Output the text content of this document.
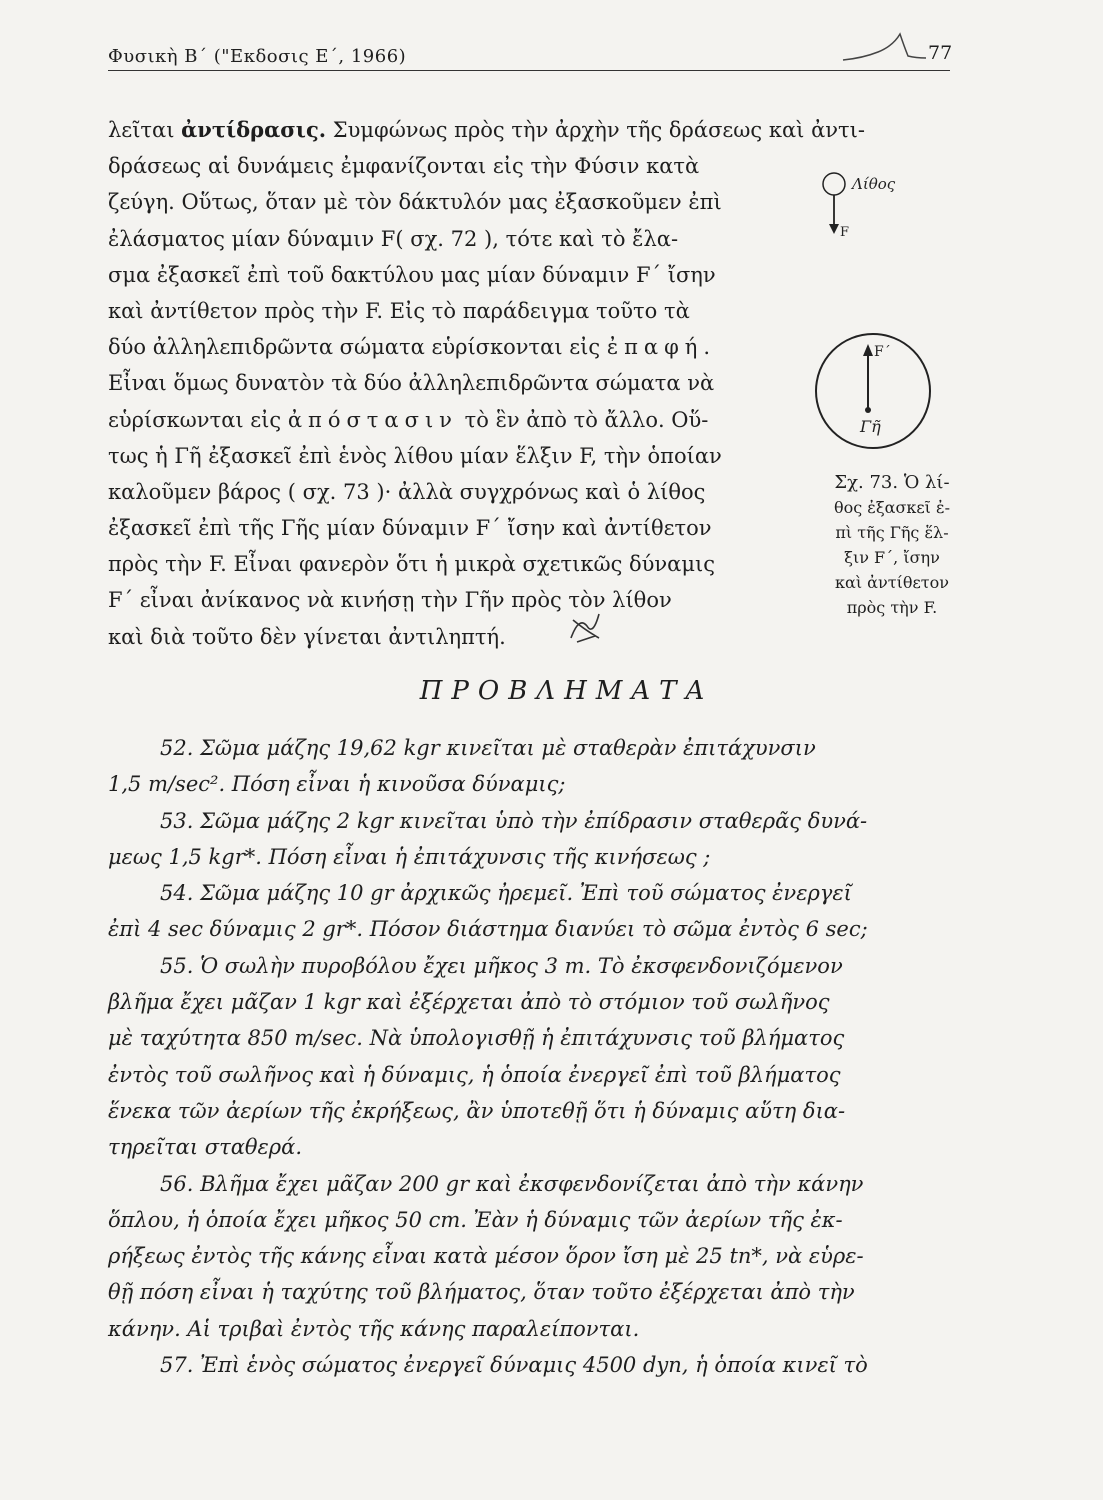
Φυσικὴ Β΄ ("Εκδοσις Ε΄, 1966)	77
λεῖται ἀντίδρασις. Συμφώνως πρὸς τὴν ἀρχὴν τῆς δράσεως καὶ ἀντι-
δράσεως αἱ δυνάμεις ἐμφανίζονται εἰς τὴν Φύσιν κατὰ
ζεύγη. Οὕτως, ὅταν μὲ τὸν δάκτυλόν μας ἐξασκοῦμεν ἐπὶ
ἐλάσματος μίαν δύναμιν F( σχ. 72 ), τότε καὶ τὸ ἔλα-
σμα ἐξασκεῖ ἐπὶ τοῦ δακτύλου μας μίαν δύναμιν F΄ ἴσην
καὶ ἀντίθετον πρὸς τὴν F. Εἰς τὸ παράδειγμα τοῦτο τὰ
δύο ἀλληλεπιδρῶντα σώματα εὑρίσκονται εἰς ἐπαφή.
Εἶναι ὅμως δυνατὸν τὰ δύο ἀλληλεπιδρῶντα σώματα νὰ
εὑρίσκωνται εἰς ἀπόστασιν τὸ ἓν ἀπὸ τὸ ἄλλο. Οὕ-
τως ἡ Γῆ ἐξασκεῖ ἐπὶ ἑνὸς λίθου μίαν ἕλξιν F, τὴν ὁποίαν
καλοῦμεν βάρος ( σχ. 73 )· ἀλλὰ συγχρόνως καὶ ὁ λίθος
ἐξασκεῖ ἐπὶ τῆς Γῆς μίαν δύναμιν F΄ ἴσην καὶ ἀντίθετον
πρὸς τὴν F. Εἶναι φανερὸν ὅτι ἡ μικρὰ σχετικῶς δύναμις
F΄ εἶναι ἀνίκανος νὰ κινήσῃ τὴν Γῆν πρὸς τὸν λίθον
καὶ διὰ τοῦτο δὲν γίνεται ἀντιληπτή.
Λίθος
F
F΄
Γῆ
Σχ. 73. Ὁ λί-
θος ἐξασκεῖ ἐ-
πὶ τῆς Γῆς ἕλ-
ξιν F΄, ἴσην
καὶ ἀντίθετον
πρὸς τὴν F.
ΠΡΟΒΛΗΜΑΤΑ
52. Σῶμα μάζης 19,62 kgr κινεῖται μὲ σταθερὰν ἐπιτάχυνσιν
1,5 m/sec². Πόση εἶναι ἡ κινοῦσα δύναμις;
53. Σῶμα μάζης 2 kgr κινεῖται ὑπὸ τὴν ἐπίδρασιν σταθερᾶς δυνά-
μεως 1,5 kgr*. Πόση εἶναι ἡ ἐπιτάχυνσις τῆς κινήσεως ;
54. Σῶμα μάζης 10 gr ἀρχικῶς ἠρεμεῖ. Ἐπὶ τοῦ σώματος ἐνεργεῖ
ἐπὶ 4 sec δύναμις 2 gr*. Πόσον διάστημα διανύει τὸ σῶμα ἐντὸς 6 sec;
55. Ὁ σωλὴν πυροβόλου ἔχει μῆκος 3 m. Τὸ ἐκσφενδονιζόμενον
βλῆμα ἔχει μᾶζαν 1 kgr καὶ ἐξέρχεται ἀπὸ τὸ στόμιον τοῦ σωλῆνος
μὲ ταχύτητα 850 m/sec. Νὰ ὑπολογισθῇ ἡ ἐπιτάχυνσις τοῦ βλήματος
ἐντὸς τοῦ σωλῆνος καὶ ἡ δύναμις, ἡ ὁποία ἐνεργεῖ ἐπὶ τοῦ βλήματος
ἕνεκα τῶν ἀερίων τῆς ἐκρήξεως, ἂν ὑποτεθῇ ὅτι ἡ δύναμις αὕτη δια-
τηρεῖται σταθερά.
56. Βλῆμα ἔχει μᾶζαν 200 gr καὶ ἐκσφενδονίζεται ἀπὸ τὴν κάνην
ὅπλου, ἡ ὁποία ἔχει μῆκος 50 cm. Ἐὰν ἡ δύναμις τῶν ἀερίων τῆς ἐκ-
ρήξεως ἐντὸς τῆς κάνης εἶναι κατὰ μέσον ὅρον ἴση μὲ 25 tn*, νὰ εὑρε-
θῇ πόση εἶναι ἡ ταχύτης τοῦ βλήματος, ὅταν τοῦτο ἐξέρχεται ἀπὸ τὴν
κάνην. Αἱ τριβαὶ ἐντὸς τῆς κάνης παραλείπονται.
57. Ἐπὶ ἑνὸς σώματος ἐνεργεῖ δύναμις 4500 dyn, ἡ ὁποία κινεῖ τὸ
